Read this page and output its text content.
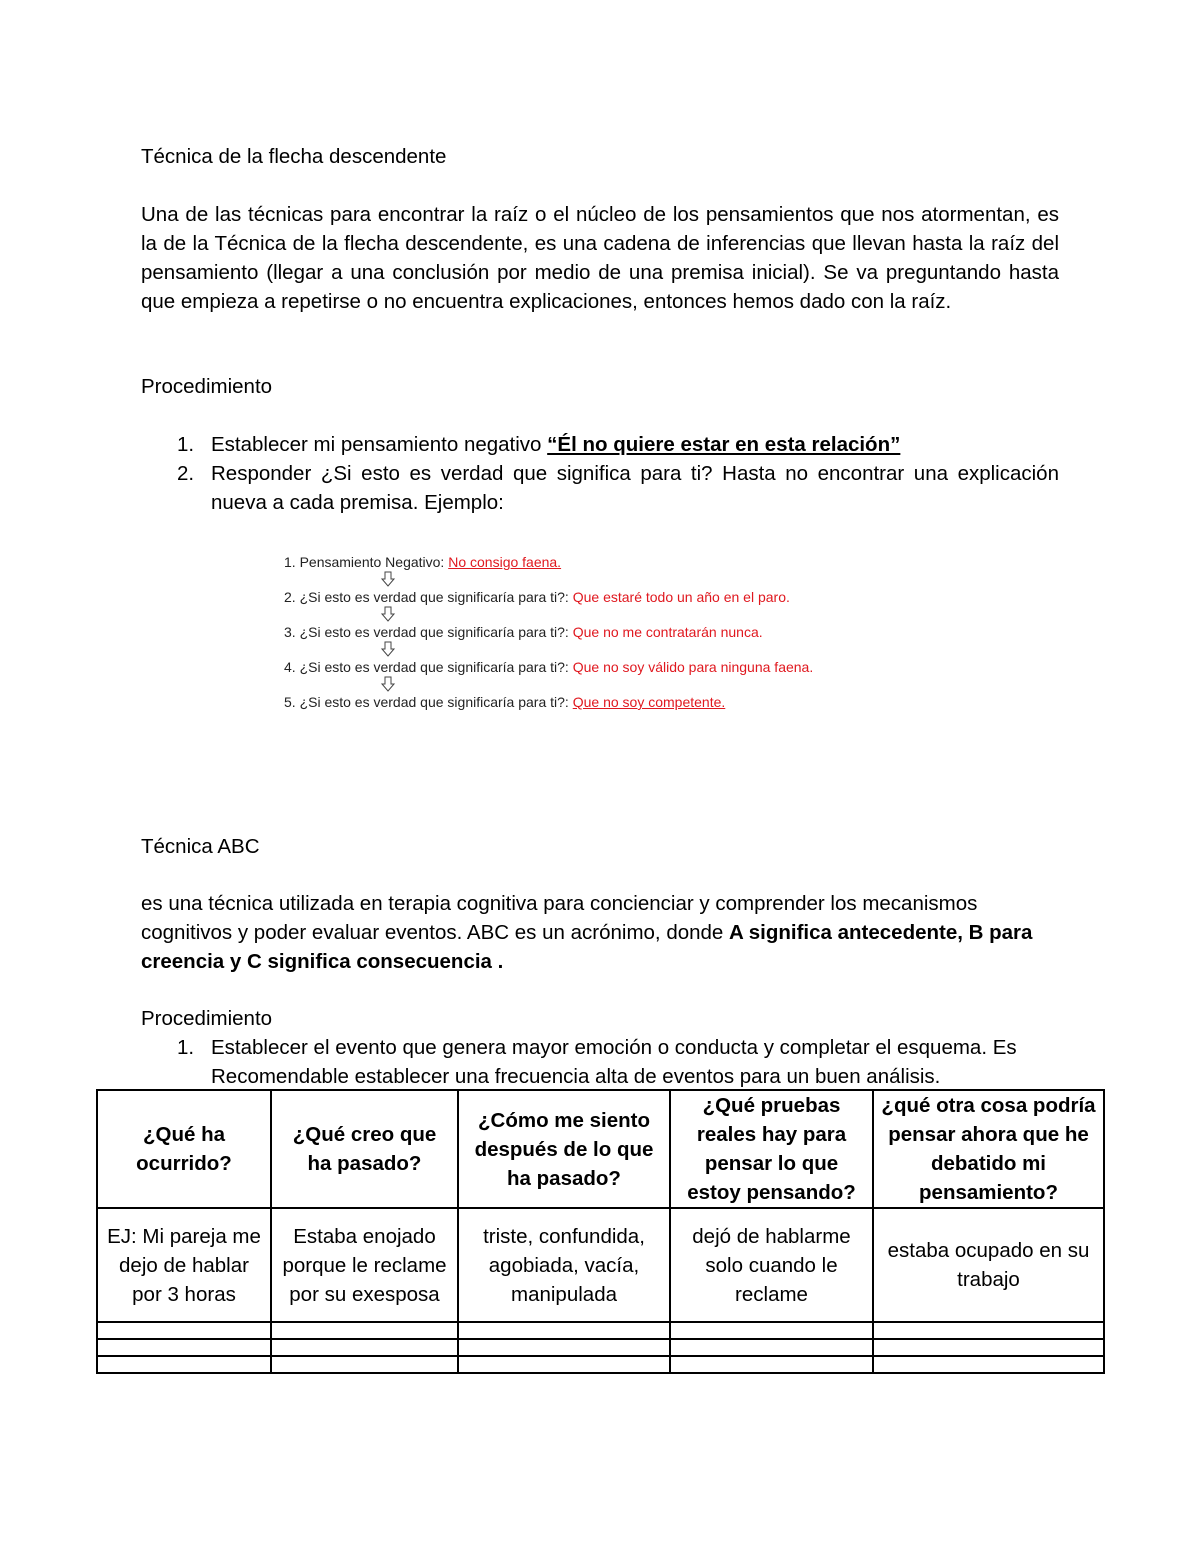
Técnica de la flecha descendente
Una de las técnicas para encontrar la raíz o el núcleo de los pensamientos que nos atormentan, es la de la Técnica de la flecha descendente, es una cadena de inferencias que llevan hasta la raíz del pensamiento (llegar a una conclusión por medio de una premisa inicial). Se va preguntando hasta que empieza a repetirse o no encuentra explicaciones, entonces hemos dado con la raíz.
Procedimiento
1. Establecer mi pensamiento negativo “Él no quiere estar en esta relación”
2. Responder ¿Si esto es verdad que significa para ti? Hasta no encontrar una explicación nueva a cada premisa. Ejemplo:
1. Pensamiento Negativo: No consigo faena.
2. ¿Si esto es verdad que significaría para ti?: Que estaré todo un año en el paro.
3. ¿Si esto es verdad que significaría para ti?: Que no me contratarán nunca.
4. ¿Si esto es verdad que significaría para ti?: Que no soy válido para ninguna faena.
5. ¿Si esto es verdad que significaría para ti?: Que no soy competente.
Técnica ABC
es una técnica utilizada en terapia cognitiva para concienciar y comprender los mecanismos cognitivos y poder evaluar eventos. ABC es un acrónimo, donde A significa antecedente, B para creencia y C significa consecuencia .
Procedimiento
1. Establecer el evento que genera mayor emoción o conducta y completar el esquema. Es Recomendable establecer una frecuencia alta de eventos para un buen análisis.
¿Qué ha ocurrido?	¿Qué creo que ha pasado?	¿Cómo me siento después de lo que ha pasado?	¿Qué pruebas reales hay para pensar lo que estoy pensando?	¿qué otra cosa podría pensar ahora que he debatido mi pensamiento?
EJ: Mi pareja me dejo de hablar por 3 horas	Estaba enojado porque le reclame por su exesposa	triste, confundida, agobiada, vacía, manipulada	dejó de hablarme solo cuando le reclame	estaba ocupado en su trabajo
